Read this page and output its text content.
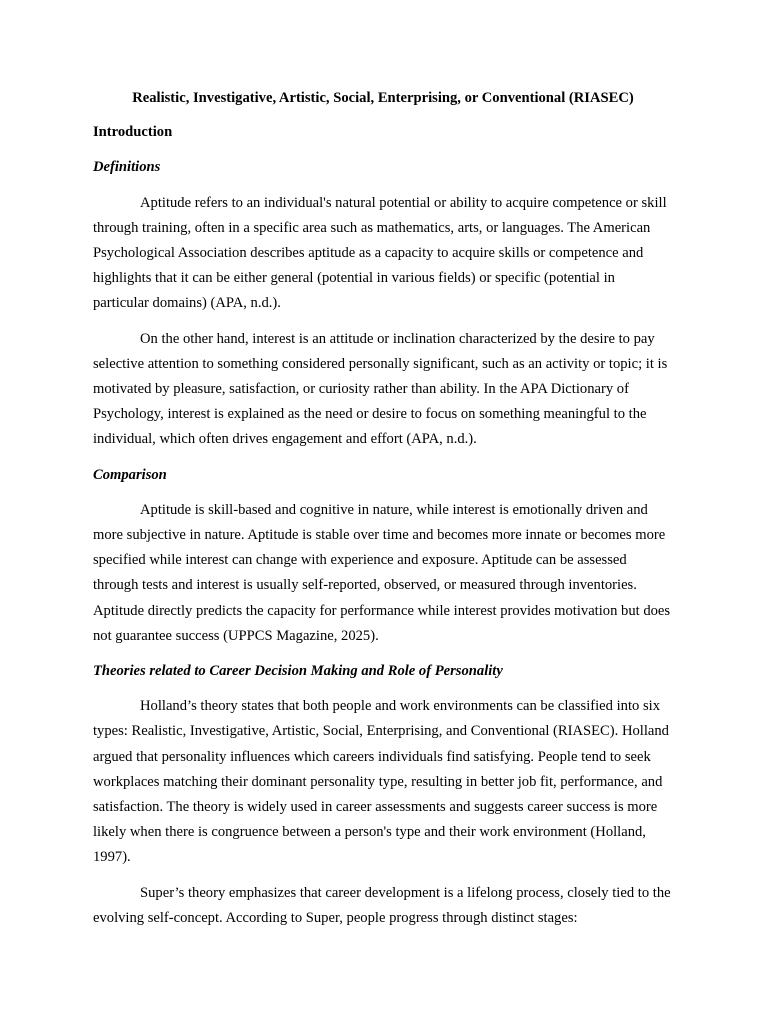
Realistic, Investigative, Artistic, Social, Enterprising, or Conventional (RIASEC)

Introduction

Definitions

Aptitude refers to an individual's natural potential or ability to acquire competence or skill through training, often in a specific area such as mathematics, arts, or languages. The American Psychological Association describes aptitude as a capacity to acquire skills or competence and highlights that it can be either general (potential in various fields) or specific (potential in particular domains) (APA, n.d.).

On the other hand, interest is an attitude or inclination characterized by the desire to pay selective attention to something considered personally significant, such as an activity or topic; it is motivated by pleasure, satisfaction, or curiosity rather than ability. In the APA Dictionary of Psychology, interest is explained as the need or desire to focus on something meaningful to the individual, which often drives engagement and effort (APA, n.d.).

Comparison

Aptitude is skill-based and cognitive in nature, while interest is emotionally driven and more subjective in nature. Aptitude is stable over time and becomes more innate or becomes more specified while interest can change with experience and exposure. Aptitude can be assessed through tests and interest is usually self-reported, observed, or measured through inventories. Aptitude directly predicts the capacity for performance while interest provides motivation but does not guarantee success (UPPCS Magazine, 2025).

Theories related to Career Decision Making and Role of Personality

Holland’s theory states that both people and work environments can be classified into six types: Realistic, Investigative, Artistic, Social, Enterprising, and Conventional (RIASEC). Holland argued that personality influences which careers individuals find satisfying. People tend to seek workplaces matching their dominant personality type, resulting in better job fit, performance, and satisfaction. The theory is widely used in career assessments and suggests career success is more likely when there is congruence between a person's type and their work environment (Holland, 1997).

Super’s theory emphasizes that career development is a lifelong process, closely tied to the evolving self-concept. According to Super, people progress through distinct stages:
